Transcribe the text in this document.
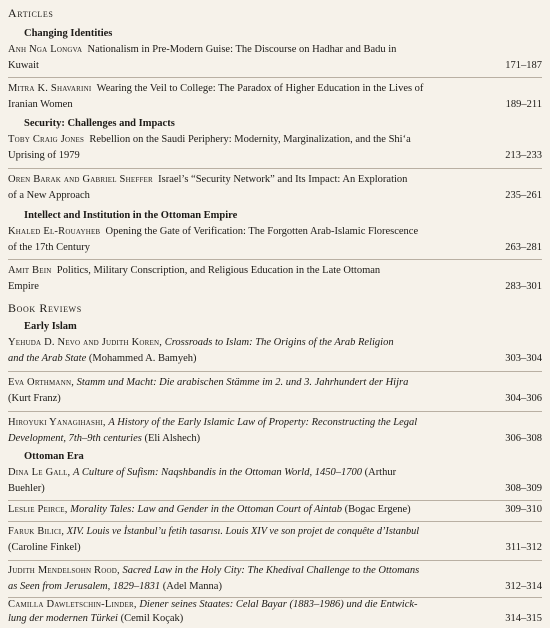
Articles
Changing Identities
Anh Nga Longva Nationalism in Pre-Modern Guise: The Discourse on Hadhar and Badu in
Kuwait	171–187
Mitra K. Shavarini Wearing the Veil to College: The Paradox of Higher Education in the Lives of
Iranian Women	189–211
Security: Challenges and Impacts
Toby Craig Jones Rebellion on the Saudi Periphery: Modernity, Marginalization, and the Shi‘a
Uprising of 1979	213–233
Oren Barak and Gabriel Sheffer Israel’s “Security Network” and Its Impact: An Exploration
of a New Approach	235–261
Intellect and Institution in the Ottoman Empire
Khaled El-Rouayheb Opening the Gate of Verification: The Forgotten Arab-Islamic Florescence
of the 17th Century	263–281
Amit Bein Politics, Military Conscription, and Religious Education in the Late Ottoman
Empire	283–301
Book Reviews
Early Islam
Yehuda D. Nevo and Judith Koren, Crossroads to Islam: The Origins of the Arab Religion
and the Arab State (Mohammed A. Bamyeh)	303–304
Eva Orthmann, Stamm und Macht: Die arabischen Stämme im 2. und 3. Jahrhundert der Hijra
(Kurt Franz)	304–306
Hiroyuki Yanagihashi, A History of the Early Islamic Law of Property: Reconstructing the Legal
Development, 7th–9th centuries (Eli Alshech)	306–308
Ottoman Era
Dina Le Gall, A Culture of Sufism: Naqshbandis in the Ottoman World, 1450–1700 (Arthur
Buehler)	308–309
Leslie Peirce, Morality Tales: Law and Gender in the Ottoman Court of Aintab (Bogac Ergene)	309–310
Faruk Bilici, XIV. Louis ve İstanbul’u fetih tasarısı. Louis XIV ve son projet de conquête d’Istanbul
(Caroline Finkel)	311–312
Judith Mendelsohn Rood, Sacred Law in the Holy City: The Khedival Challenge to the Ottomans
as Seen from Jerusalem, 1829–1831 (Adel Manna)	312–314
Camilla Dawletschin-Linder, Diener seines Staates: Celal Bayar (1883–1986) und die Entwick-
lung der modernen Türkei (Cemil Koçak)	314–315
